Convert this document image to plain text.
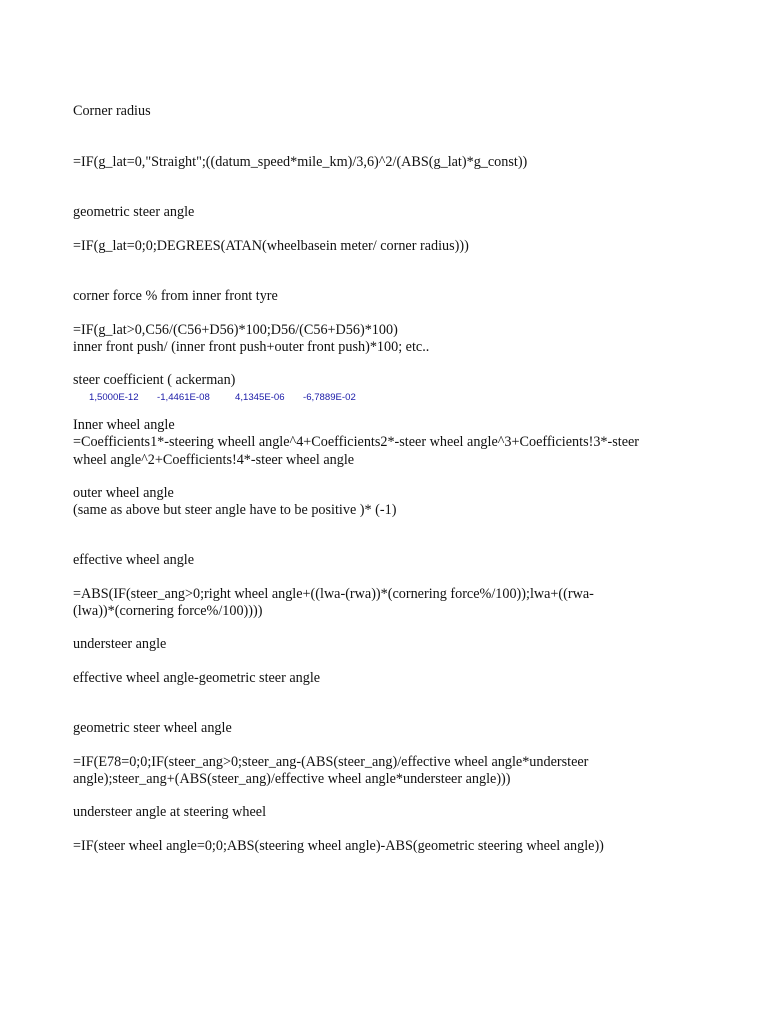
Corner radius
=IF(g_lat=0,"Straight";((datum_speed*mile_km)/3,6)^2/(ABS(g_lat)*g_const))
geometric steer angle
=IF(g_lat=0;0;DEGREES(ATAN(wheelbasein meter/ corner radius)))
corner force % from inner front tyre
=IF(g_lat>0,C56/(C56+D56)*100;D56/(C56+D56)*100)
inner front push/ (inner front push+outer front push)*100; etc..
steer coefficient ( ackerman)
1,5000E-12 -1,4461E-08	4,1345E-06 -6,7889E-02
Inner wheel angle
=Coefficients1*-steering wheell angle^4+Coefficients2*-steer wheel angle^3+Coefficients!3*-steer
wheel angle^2+Coefficients!4*-steer wheel angle
outer wheel angle
(same as above but steer angle have to be positive )* (-1)
effective wheel angle
=ABS(IF(steer_ang>0;right wheel angle+((lwa-(rwa))*(cornering force%/100));lwa+((rwa-
(lwa))*(cornering force%/100))))
understeer angle
effective wheel angle-geometric steer angle
geometric steer wheel angle
=IF(E78=0;0;IF(steer_ang>0;steer_ang-(ABS(steer_ang)/effective wheel angle*understeer
angle);steer_ang+(ABS(steer_ang)/effective wheel angle*understeer angle)))
understeer angle at steering wheel
=IF(steer wheel angle=0;0;ABS(steering wheel angle)-ABS(geometric steering wheel angle))
